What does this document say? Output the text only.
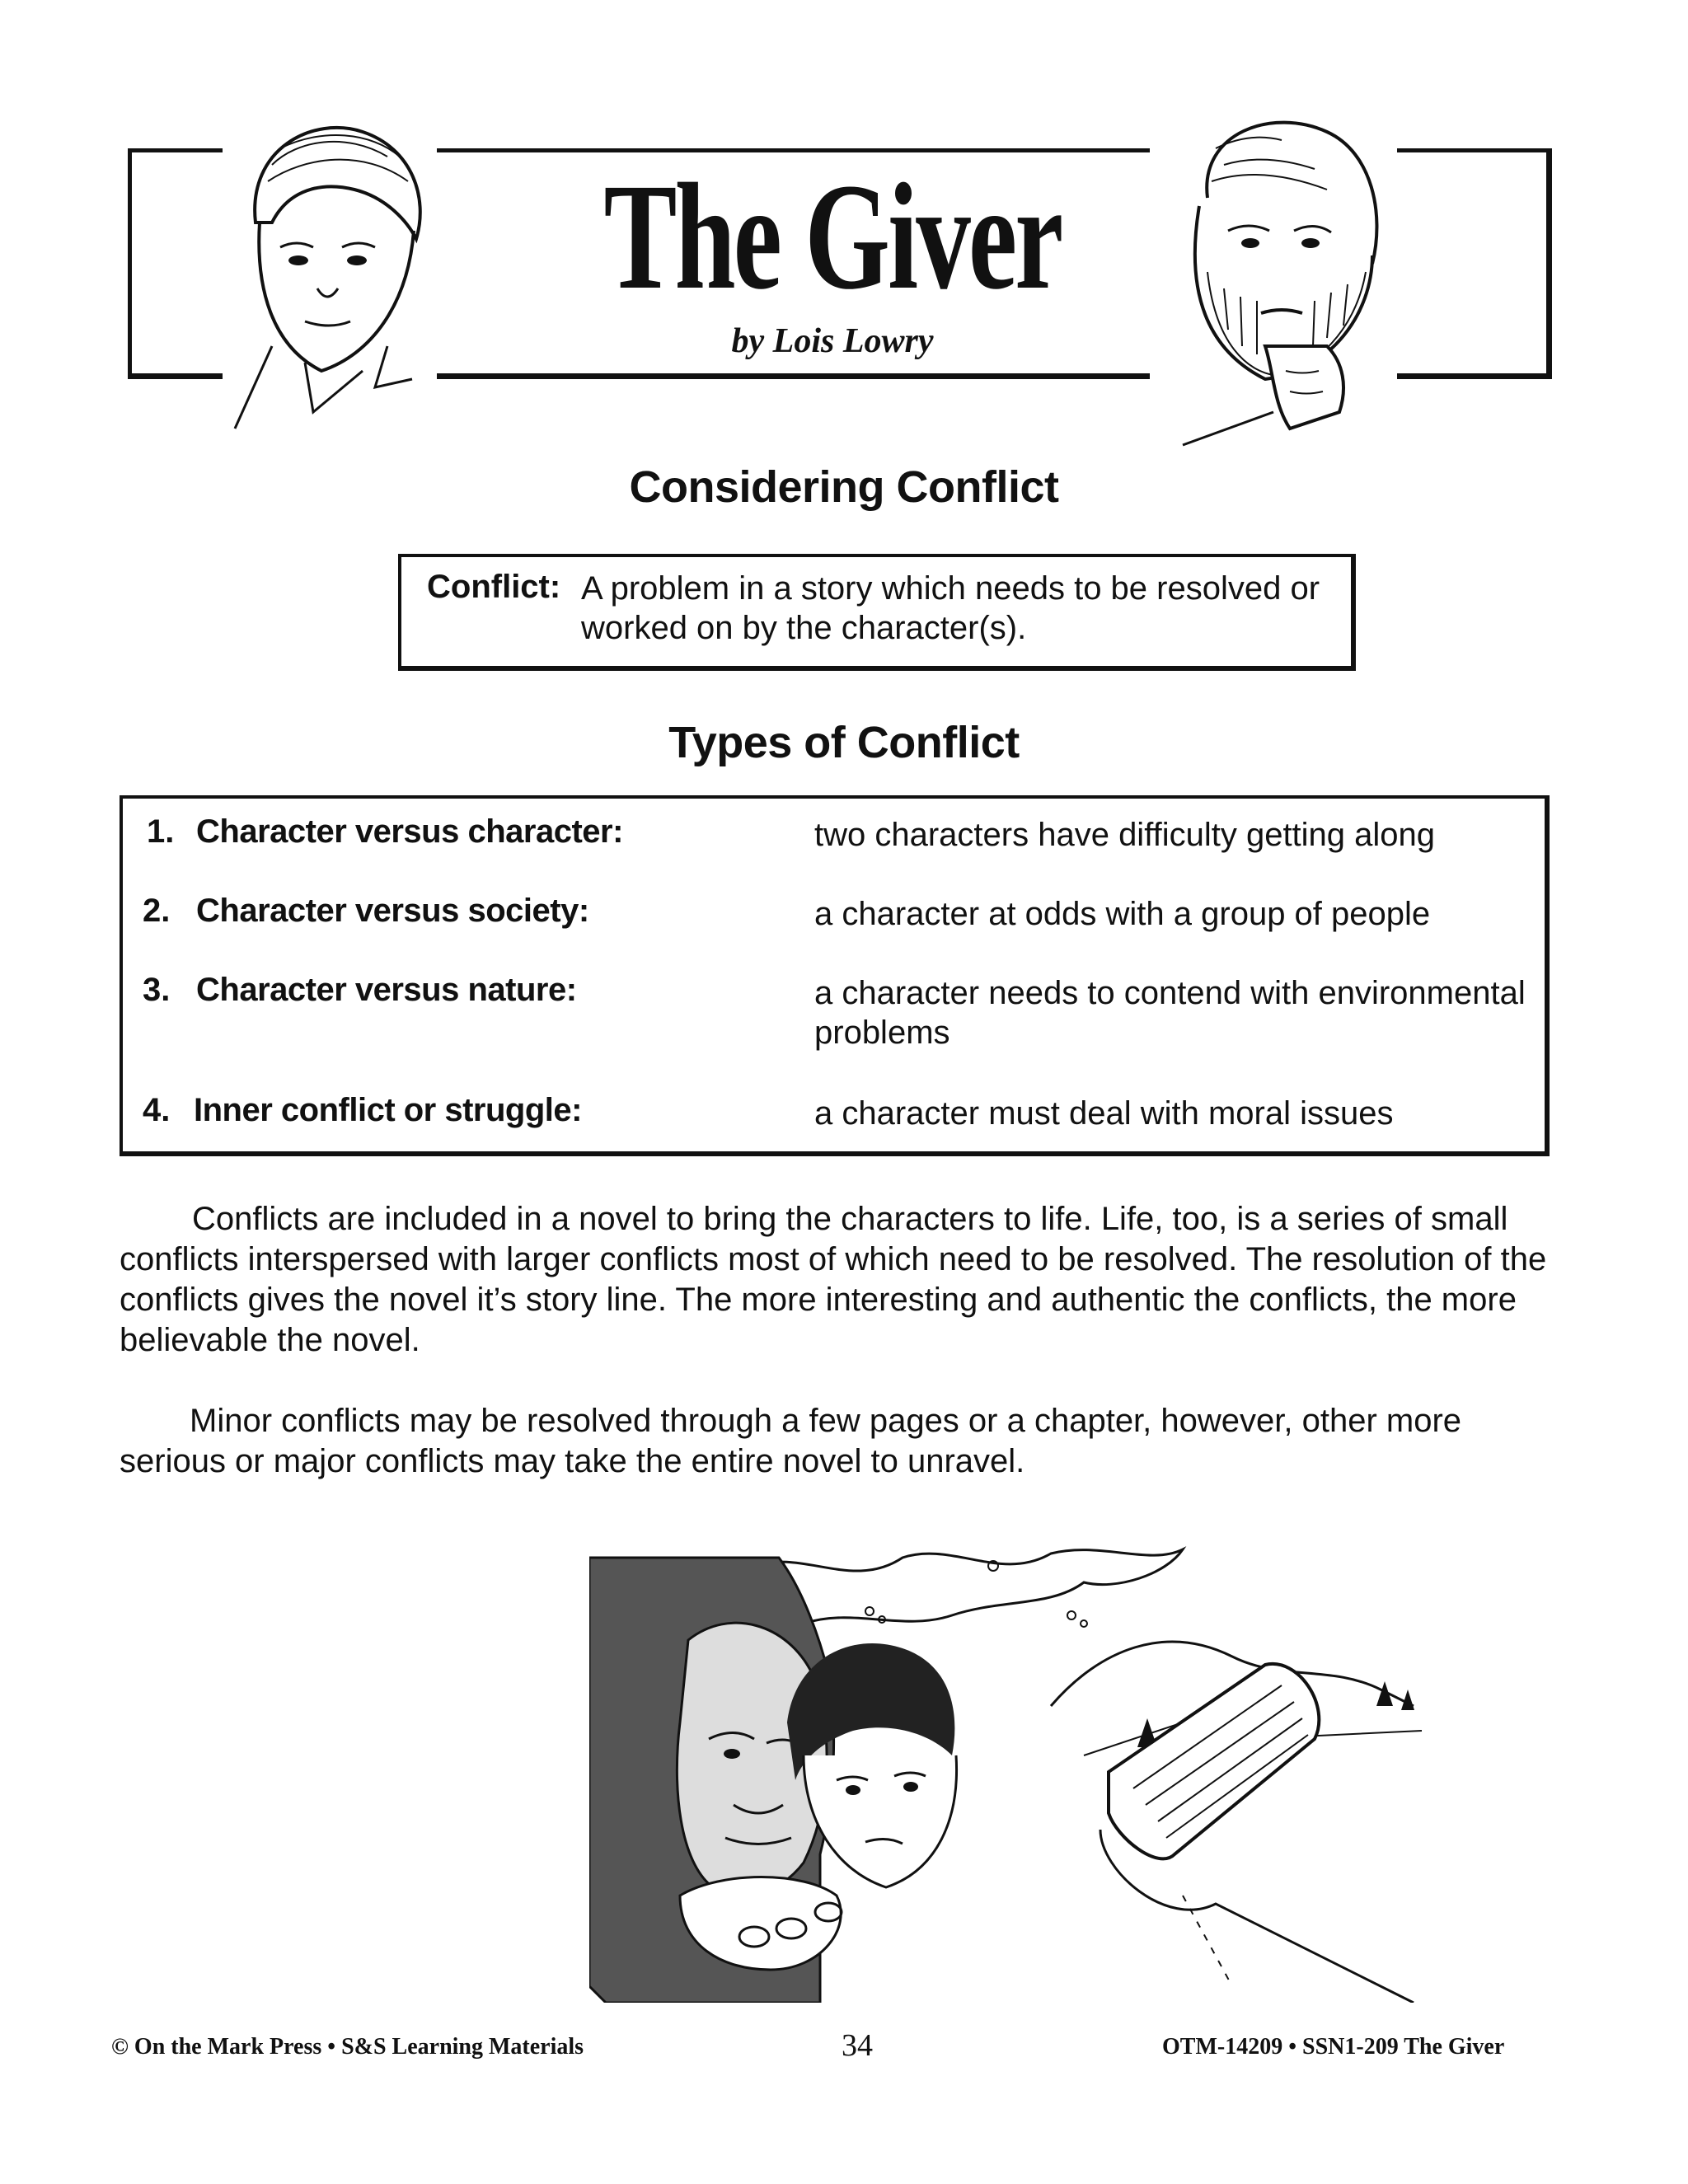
The Giver
by Lois Lowry
Considering Conflict
Conflict: A problem in a story which needs to be resolved or worked on by the character(s).
Types of Conflict
1. Character versus character:	two characters have difficulty getting along
2. Character versus society:	a character at odds with a group of people
3. Character versus nature:	a character needs to contend with environmental problems
4. Inner conflict or struggle:	a character must deal with moral issues
Conflicts are included in a novel to bring the characters to life. Life, too, is a series of small conflicts interspersed with larger conflicts most of which need to be resolved. The resolution of the conflicts gives the novel it’s story line. The more interesting and authentic the conflicts, the more believable the novel.
Minor conflicts may be resolved through a few pages or a chapter, however, other more serious or major conflicts may take the entire novel to unravel.
© On the Mark Press • S&S Learning Materials	34	OTM-14209 • SSN1-209 The Giver
